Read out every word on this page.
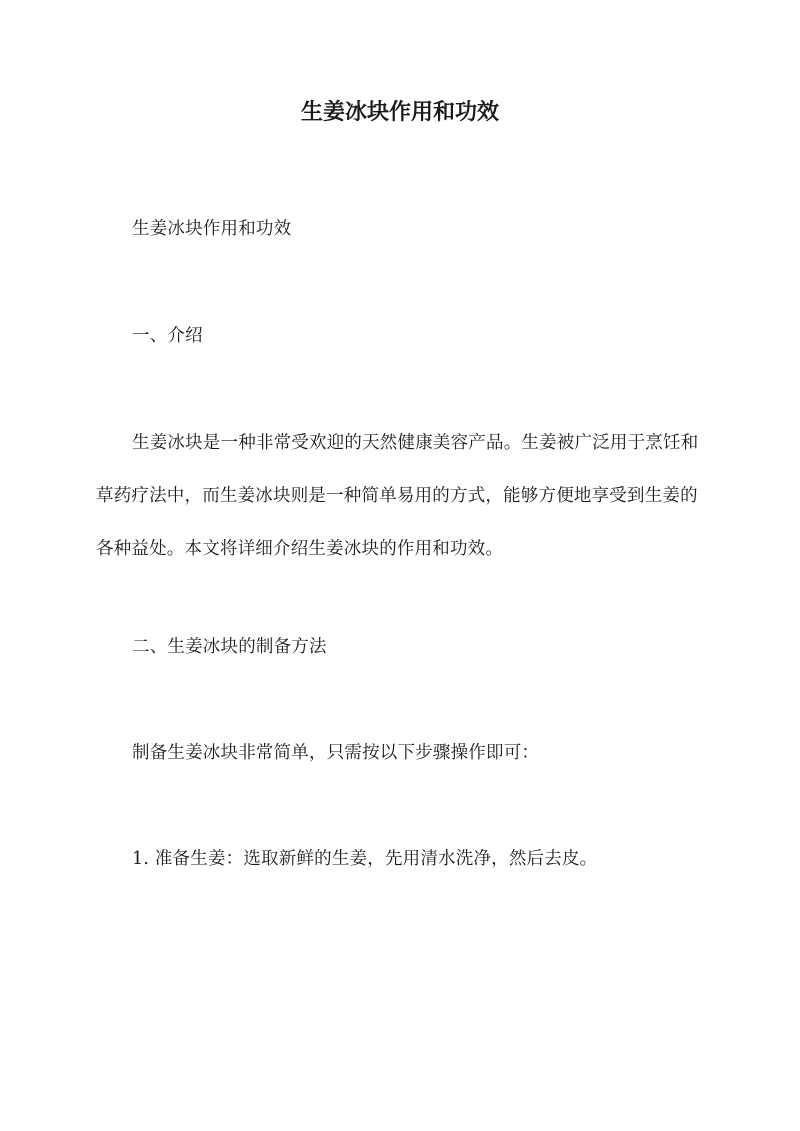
生姜冰块作用和功效

生姜冰块作用和功效

一、介绍

生姜冰块是一种非常受欢迎的天然健康美容产品。生姜被广泛用于烹饪和草药疗法中，而生姜冰块则是一种简单易用的方式，能够方便地享受到生姜的各种益处。本文将详细介绍生姜冰块的作用和功效。

二、生姜冰块的制备方法

制备生姜冰块非常简单，只需按以下步骤操作即可：

1. 准备生姜：选取新鲜的生姜，先用清水洗净，然后去皮。
